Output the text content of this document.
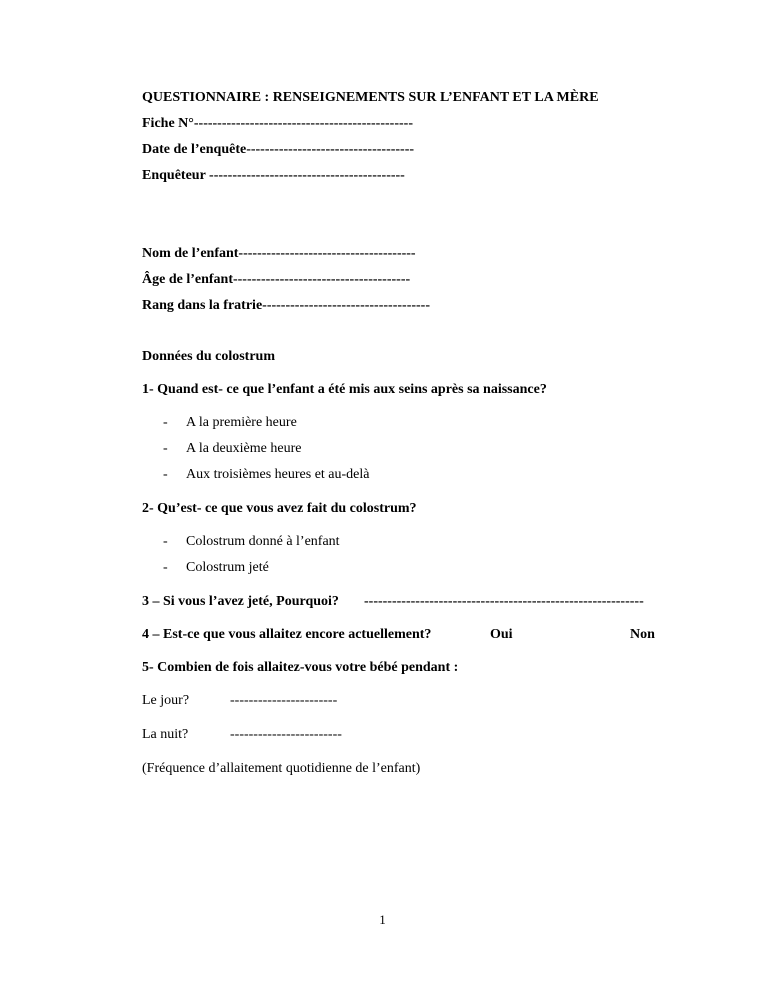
QUESTIONNAIRE : RENSEIGNEMENTS SUR L’ENFANT ET LA MÈRE
Fiche N°-----------------------------------------------
Date de l’enquête------------------------------------
Enquêteur ------------------------------------------
Nom de l’enfant--------------------------------------
Âge de l’enfant--------------------------------------
Rang dans la fratrie------------------------------------
Données du colostrum
1- Quand est- ce que l’enfant a été mis aux seins après sa naissance?
- A la première heure
- A la deuxième heure
- Aux troisièmes heures et au-delà
2- Qu’est- ce que vous avez fait du colostrum?
- Colostrum donné à l’enfant
- Colostrum jeté
3 – Si vous l’avez jeté, Pourquoi? ------------------------------------------------------------
4 – Est-ce que vous allaitez encore actuellement?	Oui	Non
5- Combien de fois allaitez-vous votre bébé pendant :
Le jour?	-----------------------
La nuit?	------------------------
(Fréquence d’allaitement quotidienne de l’enfant)
1
